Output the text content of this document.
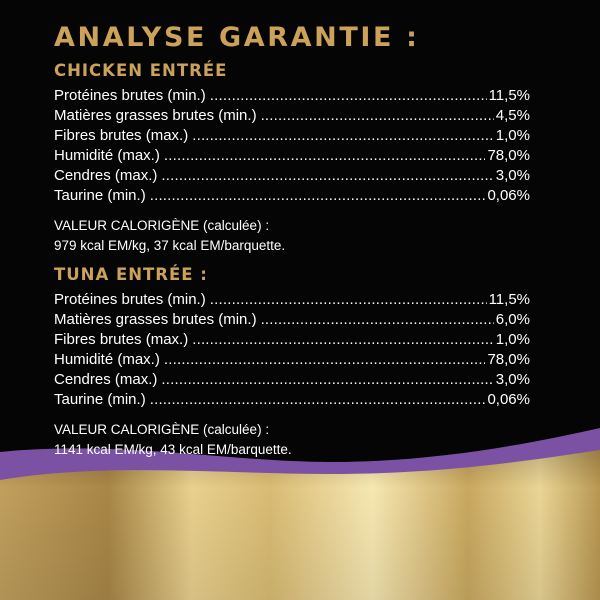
ANALYSE GARANTIE :
CHICKEN ENTRÉE
Protéines brutes (min.) .....	11,5%
Matières grasses brutes (min.) .....	4,5%
Fibres brutes (max.) .....	1,0%
Humidité (max.) .....	78,0%
Cendres (max.) .....	3,0%
Taurine (min.) .....	0,06%
VALEUR CALORIGÈNE (calculée) :
979 kcal EM/kg, 37 kcal EM/barquette.
TUNA ENTRÉE :
Protéines brutes (min.) .....	11,5%
Matières grasses brutes (min.) .....	6,0%
Fibres brutes (max.) .....	1,0%
Humidité (max.) .....	78,0%
Cendres (max.) .....	3,0%
Taurine (min.) .....	0,06%
VALEUR CALORIGÈNE (calculée) :
1141 kcal EM/kg, 43 kcal EM/barquette.
